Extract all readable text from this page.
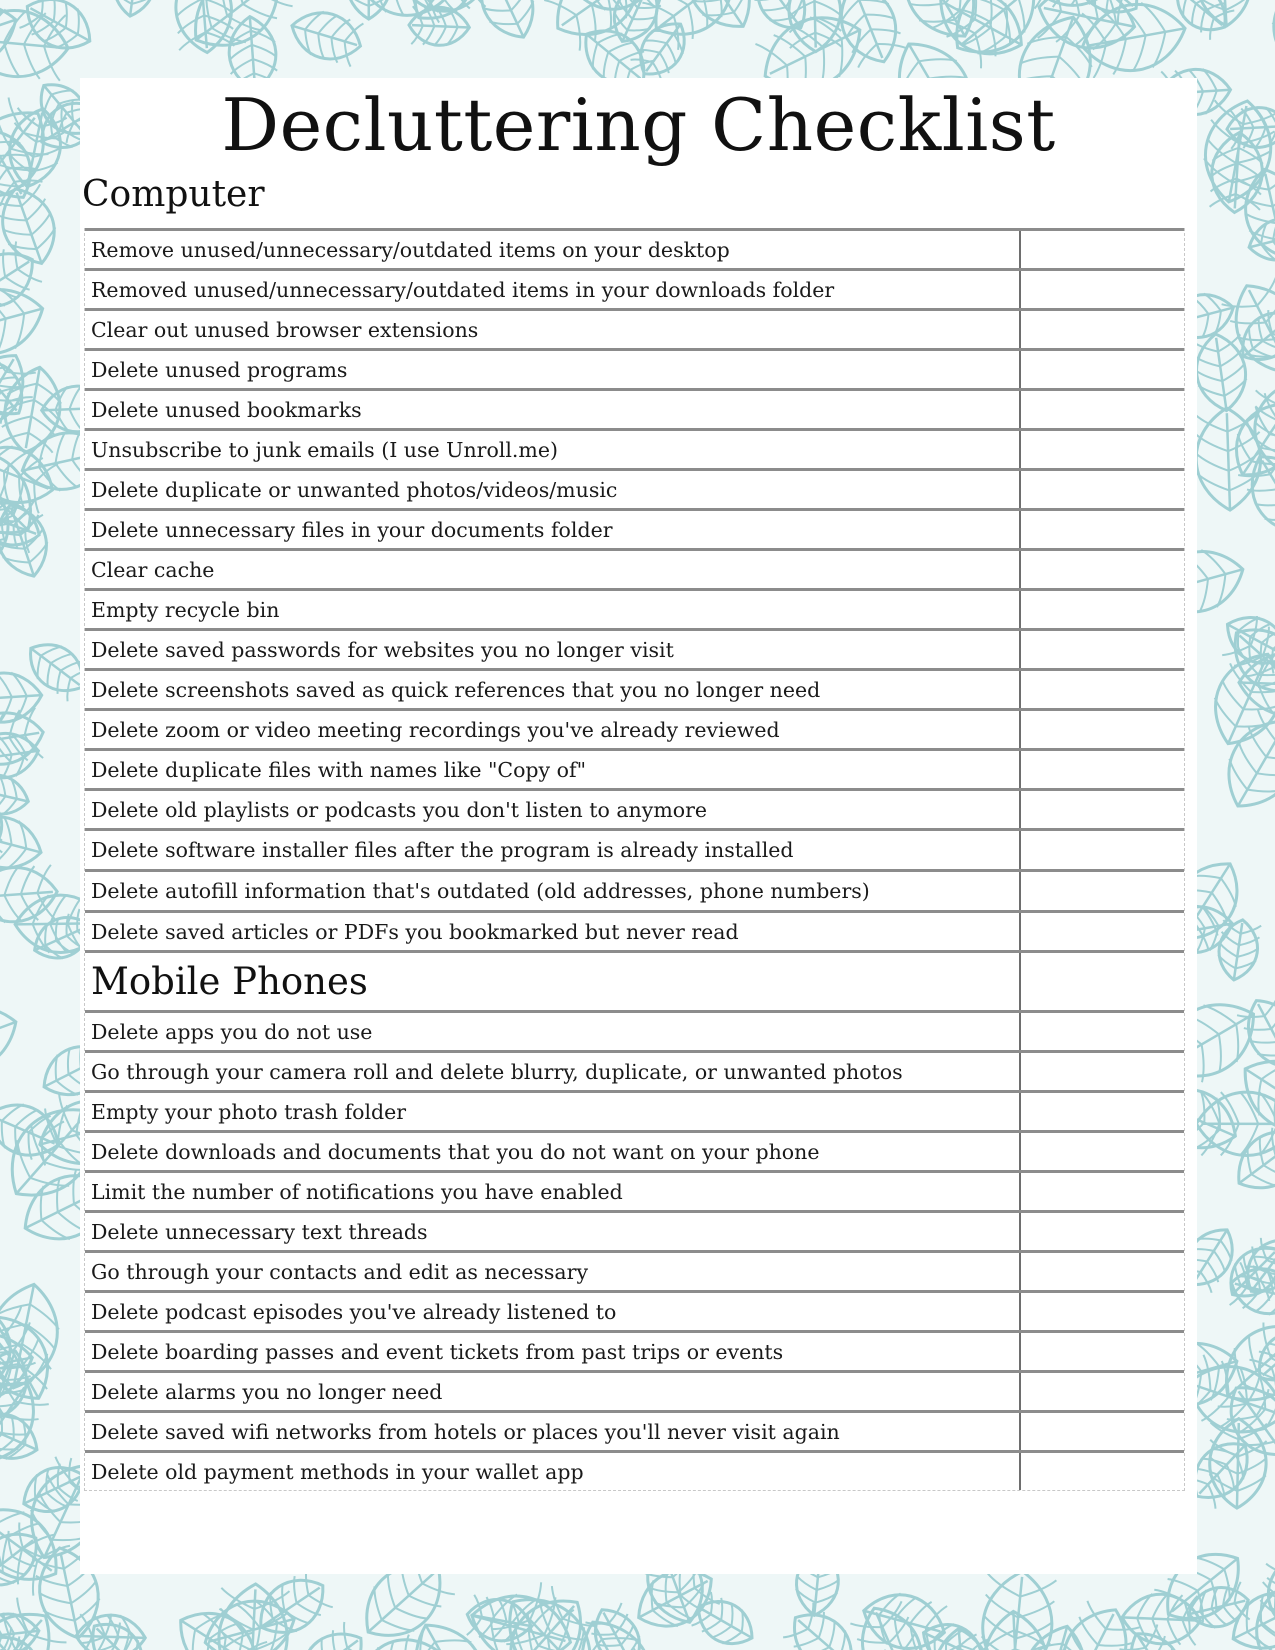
Decluttering Checklist
Computer
Remove unused/unnecessary/outdated items on your desktop
Removed unused/unnecessary/outdated items in your downloads folder
Clear out unused browser extensions
Delete unused programs
Delete unused bookmarks
Unsubscribe to junk emails (I use Unroll.me)
Delete duplicate or unwanted photos/videos/music
Delete unnecessary files in your documents folder
Clear cache
Empty recycle bin
Delete saved passwords for websites you no longer visit
Delete screenshots saved as quick references that you no longer need
Delete zoom or video meeting recordings you've already reviewed
Delete duplicate files with names like "Copy of"
Delete old playlists or podcasts you don't listen to anymore
Delete software installer files after the program is already installed
Delete autofill information that's outdated (old addresses, phone numbers)
Delete saved articles or PDFs you bookmarked but never read
Mobile Phones
Delete apps you do not use
Go through your camera roll and delete blurry, duplicate, or unwanted photos
Empty your photo trash folder
Delete downloads and documents that you do not want on your phone
Limit the number of notifications you have enabled
Delete unnecessary text threads
Go through your contacts and edit as necessary
Delete podcast episodes you've already listened to
Delete boarding passes and event tickets from past trips or events
Delete alarms you no longer need
Delete saved wifi networks from hotels or places you'll never visit again
Delete old payment methods in your wallet app
